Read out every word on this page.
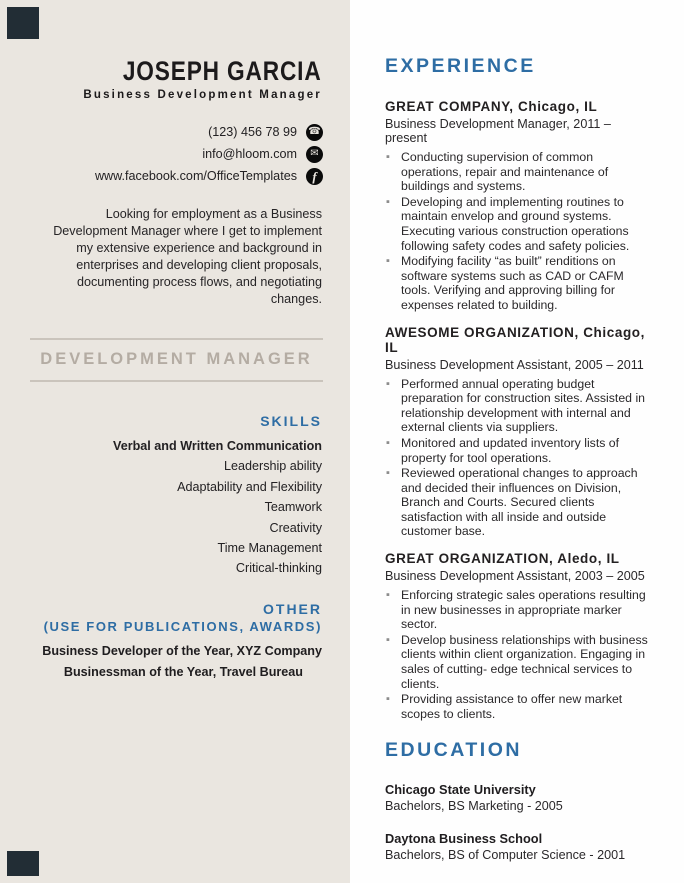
JOSEPH GARCIA
Business Development Manager
(123) 456 78 99 ☎
info@hloom.com	✉
www.facebook.com/OfficeTemplates	f

Looking for employment as a Business Development Manager where I get to implement my extensive experience and background in enterprises and developing client proposals, documenting process flows, and negotiating changes.

DEVELOPMENT MANAGER
SKILLS
Verbal and Written Communication
Leadership ability
Adaptability and Flexibility
Teamwork
Creativity
Time Management
Critical-thinking
OTHER
(USE FOR PUBLICATIONS, AWARDS)
Business Developer of the Year, XYZ Company
Businessman of the Year, Travel Bureau
EXPERIENCE
GREAT COMPANY, Chicago, IL
Business Development Manager, 2011 – present
▪ Conducting supervision of common operations, repair and maintenance of buildings and systems.
▪ Developing and implementing routines to maintain envelop and ground systems. Executing various construction operations following safety codes and safety policies.
▪ Modifying facility “as built” renditions on software systems such as CAD or CAFM tools. Verifying and approving billing for expenses related to building.
AWESOME ORGANIZATION, Chicago, IL
Business Development Assistant, 2005 – 2011
▪ Performed annual operating budget preparation for construction sites. Assisted in relationship development with internal and external clients via suppliers.
▪ Monitored and updated inventory lists of property for tool operations.
▪ Reviewed operational changes to approach and decided their influences on Division, Branch and Courts. Secured clients satisfaction with all inside and outside customer base.
GREAT ORGANIZATION, Aledo, IL
Business Development Assistant, 2003 – 2005
▪ Enforcing strategic sales operations resulting in new businesses in appropriate marker sector.
▪ Develop business relationships with business clients within client organization. Engaging in sales of cutting- edge technical services to clients.
▪ Providing assistance to offer new market scopes to clients.
EDUCATION
Chicago State University
Bachelors, BS Marketing - 2005
Daytona Business School
Bachelors, BS of Computer Science - 2001
